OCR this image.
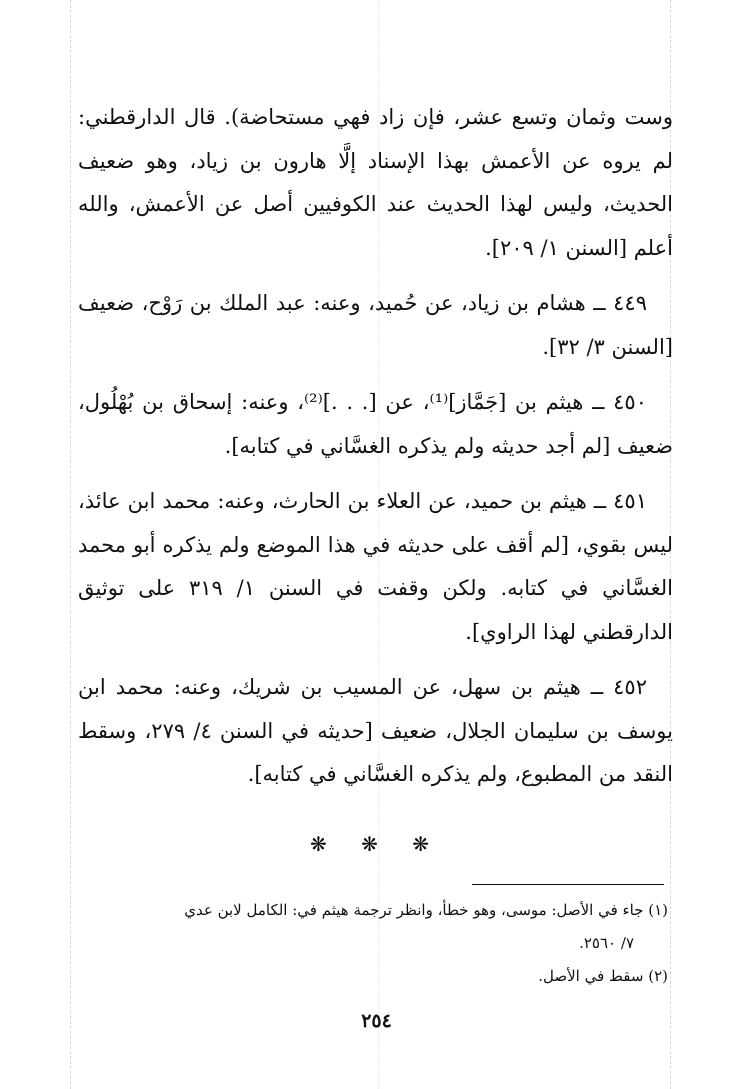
وست وثمان وتسع عشر، فإن زاد فهي مستحاضة). قال الدارقطني: لم يروه عن الأعمش بهذا الإسناد إلَّا هارون بن زياد، وهو ضعيف الحديث، وليس لهذا الحديث عند الكوفيين أصل عن الأعمش، والله أعلم [السنن ١/ ٢٠٩].

٤٤٩ ــ هشام بن زياد، عن حُميد، وعنه: عبد الملك بن رَوْح، ضعيف [السنن ٣/ ٣٢].

٤٥٠ ــ هيثم بن [جَمَّاز]⁽¹⁾، عن [. . .]⁽²⁾، وعنه: إسحاق بن بُهْلُول، ضعيف [لم أجد حديثه ولم يذكره الغسَّاني في كتابه].

٤٥١ ــ هيثم بن حميد، عن العلاء بن الحارث، وعنه: محمد ابن عائذ، ليس بقوي، [لم أقف على حديثه في هذا الموضع ولم يذكره أبو محمد الغسَّاني في كتابه. ولكن وقفت في السنن ١/ ٣١٩ على توثيق الدارقطني لهذا الراوي].

٤٥٢ ــ هيثم بن سهل، عن المسيب بن شريك، وعنه: محمد ابن يوسف بن سليمان الجلال، ضعيف [حديثه في السنن ٤/ ٢٧٩، وسقط النقد من المطبوع، ولم يذكره الغسَّاني في كتابه].

❋ ❋ ❋

(١) جاء في الأصل: موسى، وهو خطأ، وانظر ترجمة هيثم في: الكامل لابن عدي

٧/ ٢٥٦٠.

(٢) سقط في الأصل.

٢٥٤
